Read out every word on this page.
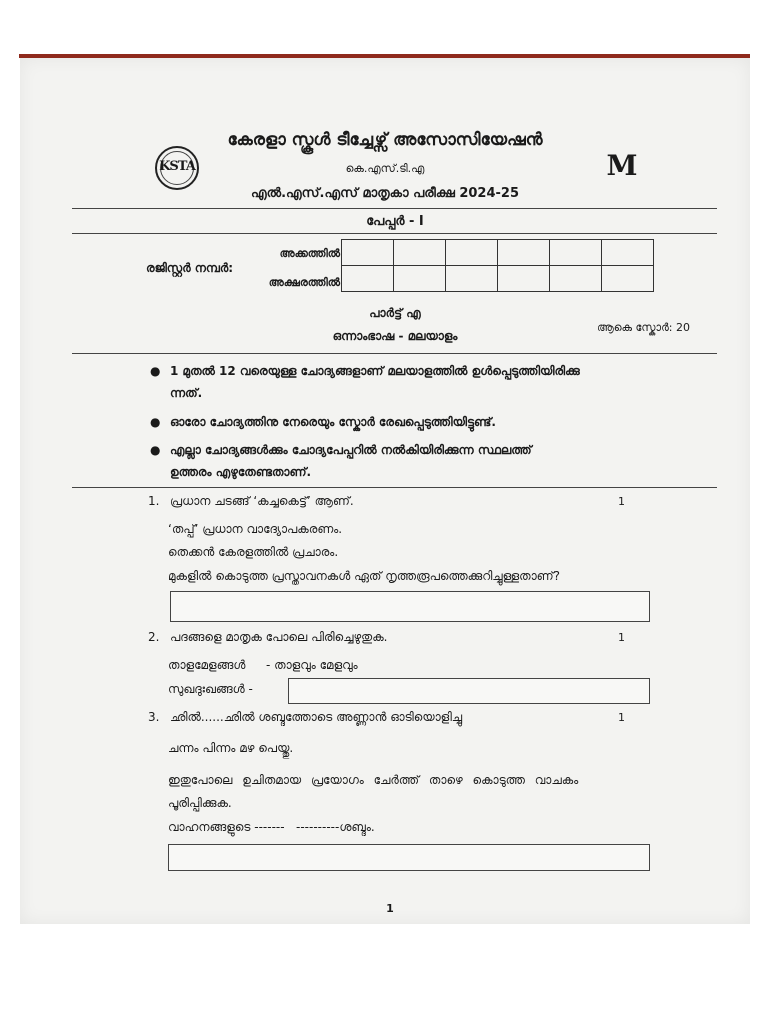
KSTA	M
കേരളാ സ്കൂൾ ടീച്ചേഴ്സ് അസോസിയേഷൻ
കെ.എസ്.ടി.എ
എൽ.എസ്.എസ് മാതൃകാ പരീക്ഷ 2024-25
പേപ്പർ - I
രജിസ്റ്റർ നമ്പർ:
അക്കത്തിൽ
അക്ഷരത്തിൽ

പാർട്ട് എ
ആകെ സ്കോർ: 20
ഒന്നാംഭാഷ - മലയാളം
● 1 മുതൽ 12 വരെയുള്ള ചോദ്യങ്ങളാണ് മലയാളത്തിൽ ഉൾപ്പെടുത്തിയിരിക്കു
ന്നത്.
● ഓരോ ചോദ്യത്തിനു നേരെയും സ്കോർ രേഖപ്പെടുത്തിയിട്ടുണ്ട്.
● എല്ലാ ചോദ്യങ്ങൾക്കും ചോദ്യപേപ്പറിൽ നൽകിയിരിക്കുന്ന സ്ഥലത്ത്
ഉത്തരം എഴുതേണ്ടതാണ്.
1. പ്രധാന ചടങ്ങ് ‘കച്ചകെട്ട്’ ആണ്.	1
‘തപ്പ്’ പ്രധാന വാദ്യോപകരണം.
തെക്കൻ കേരളത്തിൽ പ്രചാരം.
മുകളിൽ കൊടുത്ത പ്രസ്താവനകൾ ഏത് നൃത്തരൂപത്തെക്കുറിച്ചുള്ളതാണ്?
2. പദങ്ങളെ മാതൃക പോലെ പിരിച്ചെഴുതുക.	1
താളമേളങ്ങൾ - താളവും മേളവും
സുഖദുഃഖങ്ങൾ -
3. ഛിൽ......ഛിൽ ശബ്ദത്തോടെ അണ്ണാൻ ഓടിയൊളിച്ചു	1
ചന്നം പിന്നം മഴ പെയ്തു.
ഇതുപോലെ ഉചിതമായ പ്രയോഗം ചേർത്ത് താഴെ കൊടുത്ത വാചകം
പൂരിപ്പിക്കുക.
വാഹനങ്ങളുടെ -------   ----------ശബ്ദം.
1
